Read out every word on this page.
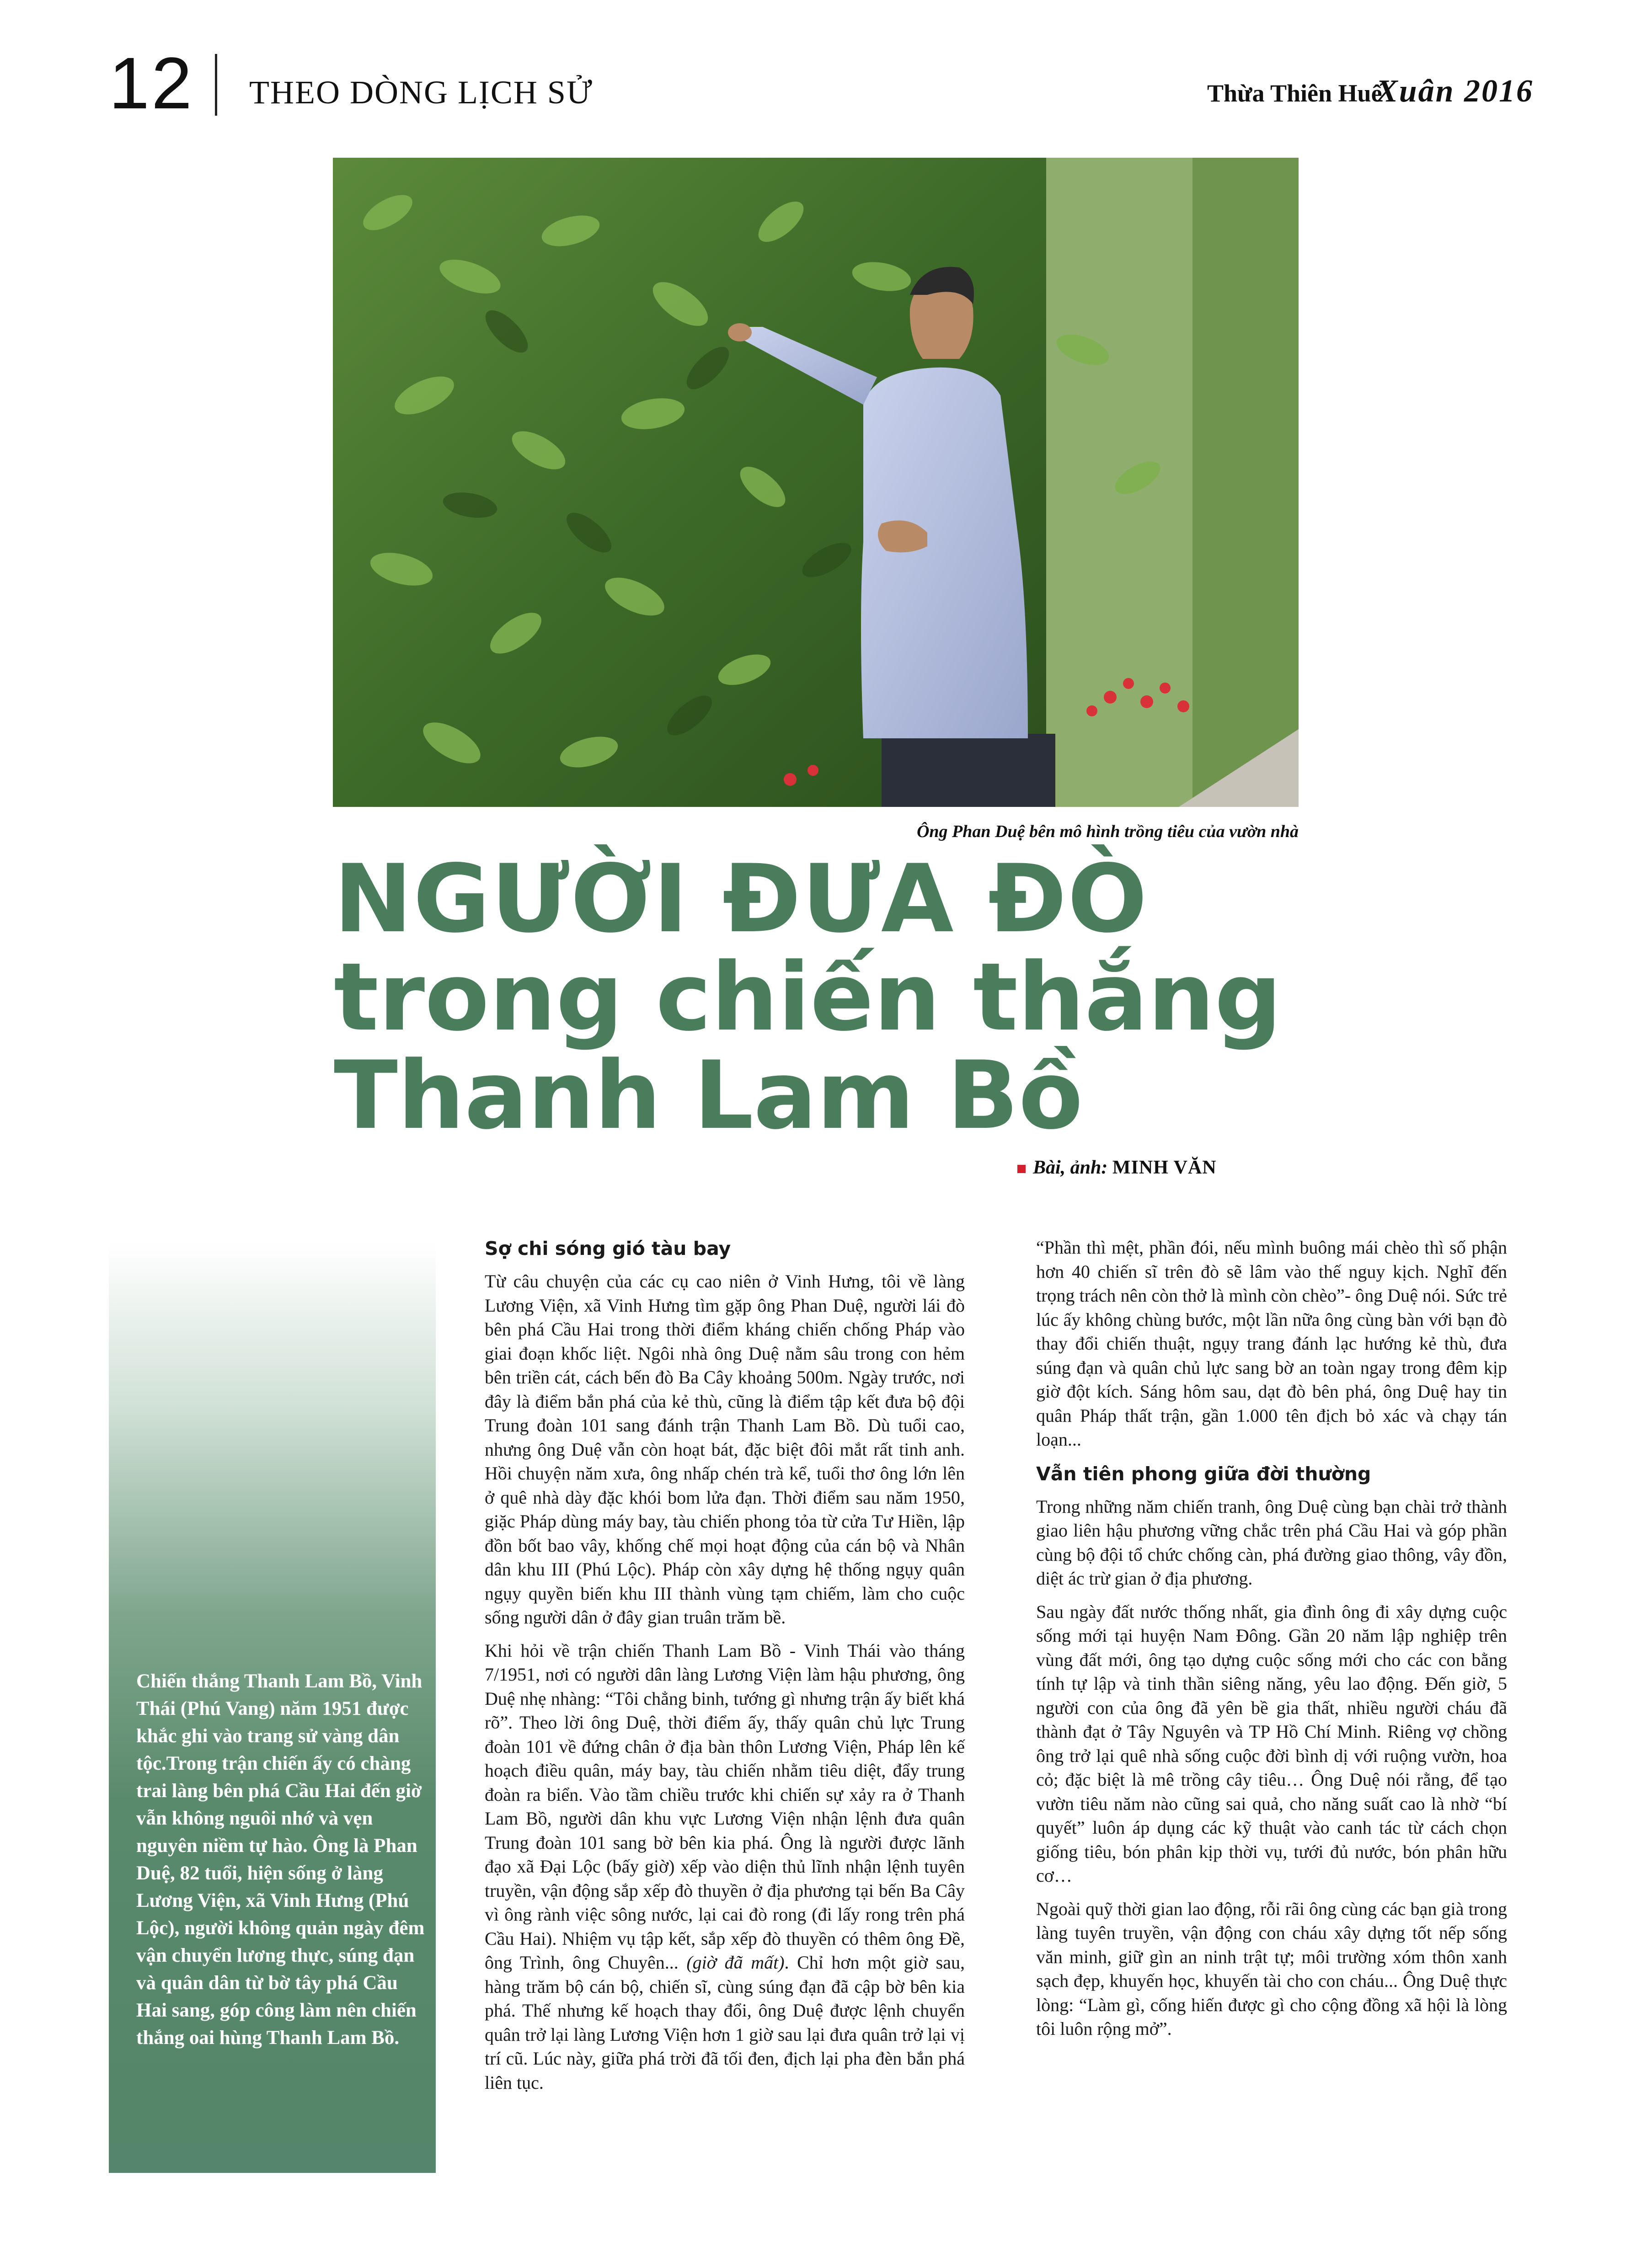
12 THEO DÒNG LỊCH SỬ	Thừa Thiên Huế
Xuân 2016
Ông Phan Duệ bên mô hình trồng tiêu của vườn nhà
NGƯỜI ĐƯA ĐÒ
trong chiến thắng
Thanh Lam Bồ
Bài, ảnh: MINH VĂN
Chiến thắng Thanh Lam Bồ, Vinh Thái (Phú Vang) năm 1951 được khắc ghi vào trang sử vàng dân tộc.Trong trận chiến ấy có chàng trai làng bên phá Cầu Hai đến giờ vẫn không nguôi nhớ và vẹn nguyên niềm tự hào. Ông là Phan Duệ, 82 tuổi, hiện sống ở làng Lương Viện, xã Vinh Hưng (Phú Lộc), người không quản ngày đêm vận chuyển lương thực, súng đạn và quân dân từ bờ tây phá Cầu Hai sang, góp công làm nên chiến thắng oai hùng Thanh Lam Bồ.
Sợ chi sóng gió tàu bay

Từ câu chuyện của các cụ cao niên ở Vinh Hưng, tôi về làng Lương Viện, xã Vinh Hưng tìm gặp ông Phan Duệ, người lái đò bên phá Cầu Hai trong thời điểm kháng chiến chống Pháp vào giai đoạn khốc liệt. Ngôi nhà ông Duệ nằm sâu trong con hẻm bên triền cát, cách bến đò Ba Cây khoảng 500m. Ngày trước, nơi đây là điểm bắn phá của kẻ thù, cũng là điểm tập kết đưa bộ đội Trung đoàn 101 sang đánh trận Thanh Lam Bồ. Dù tuổi cao, nhưng ông Duệ vẫn còn hoạt bát, đặc biệt đôi mắt rất tinh anh. Hồi chuyện năm xưa, ông nhấp chén trà kể, tuổi thơ ông lớn lên ở quê nhà dày đặc khói bom lửa đạn. Thời điểm sau năm 1950, giặc Pháp dùng máy bay, tàu chiến phong tỏa từ cửa Tư Hiền, lập đồn bốt bao vây, khống chế mọi hoạt động của cán bộ và Nhân dân khu III (Phú Lộc). Pháp còn xây dựng hệ thống ngụy quân ngụy quyền biến khu III thành vùng tạm chiếm, làm cho cuộc sống người dân ở đây gian truân trăm bề.

Khi hỏi về trận chiến Thanh Lam Bồ - Vinh Thái vào tháng 7/1951, nơi có người dân làng Lương Viện làm hậu phương, ông Duệ nhẹ nhàng: “Tôi chẳng binh, tướng gì nhưng trận ấy biết khá rõ”. Theo lời ông Duệ, thời điểm ấy, thấy quân chủ lực Trung đoàn 101 về đứng chân ở địa bàn thôn Lương Viện, Pháp lên kế hoạch điều quân, máy bay, tàu chiến nhằm tiêu diệt, đẩy trung đoàn ra biển. Vào tầm chiều trước khi chiến sự xảy ra ở Thanh Lam Bồ, người dân khu vực Lương Viện nhận lệnh đưa quân Trung đoàn 101 sang bờ bên kia phá. Ông là người được lãnh đạo xã Đại Lộc (bấy giờ) xếp vào diện thủ lĩnh nhận lệnh tuyên truyền, vận động sắp xếp đò thuyền ở địa phương tại bến Ba Cây vì ông rành việc sông nước, lại cai đò rong (đi lấy rong trên phá Cầu Hai). Nhiệm vụ tập kết, sắp xếp đò thuyền có thêm ông Đề, ông Trình, ông Chuyên... (giờ đã mất). Chỉ hơn một giờ sau, hàng trăm bộ cán bộ, chiến sĩ, cùng súng đạn đã cập bờ bên kia phá. Thế nhưng kế hoạch thay đổi, ông Duệ được lệnh chuyển quân trở lại làng Lương Viện hơn 1 giờ sau lại đưa quân trở lại vị trí cũ. Lúc này, giữa phá trời đã tối đen, địch lại pha đèn bắn phá liên tục.

“Phần thì mệt, phần đói, nếu mình buông mái chèo thì số phận hơn 40 chiến sĩ trên đò sẽ lâm vào thế nguy kịch. Nghĩ đến trọng trách nên còn thở là mình còn chèo”- ông Duệ nói. Sức trẻ lúc ấy không chùng bước, một lần nữa ông cùng bàn với bạn đò thay đổi chiến thuật, ngụy trang đánh lạc hướng kẻ thù, đưa súng đạn và quân chủ lực sang bờ an toàn ngay trong đêm kịp giờ đột kích. Sáng hôm sau, dạt đò bên phá, ông Duệ hay tin quân Pháp thất trận, gần 1.000 tên địch bỏ xác và chạy tán loạn...

Vẫn tiên phong giữa đời thường

Trong những năm chiến tranh, ông Duệ cùng bạn chài trở thành giao liên hậu phương vững chắc trên phá Cầu Hai và góp phần cùng bộ đội tổ chức chống càn, phá đường giao thông, vây đồn, diệt ác trừ gian ở địa phương.

Sau ngày đất nước thống nhất, gia đình ông đi xây dựng cuộc sống mới tại huyện Nam Đông. Gần 20 năm lập nghiệp trên vùng đất mới, ông tạo dựng cuộc sống mới cho các con bằng tính tự lập và tinh thần siêng năng, yêu lao động. Đến giờ, 5 người con của ông đã yên bề gia thất, nhiều người cháu đã thành đạt ở Tây Nguyên và TP Hồ Chí Minh. Riêng vợ chồng ông trở lại quê nhà sống cuộc đời bình dị với ruộng vườn, hoa cỏ; đặc biệt là mê trồng cây tiêu… Ông Duệ nói rằng, để tạo vườn tiêu năm nào cũng sai quả, cho năng suất cao là nhờ “bí quyết” luôn áp dụng các kỹ thuật vào canh tác từ cách chọn giống tiêu, bón phân kịp thời vụ, tưới đủ nước, bón phân hữu cơ…

Ngoài quỹ thời gian lao động, rỗi rãi ông cùng các bạn già trong làng tuyên truyền, vận động con cháu xây dựng tốt nếp sống văn minh, giữ gìn an ninh trật tự; môi trường xóm thôn xanh sạch đẹp, khuyến học, khuyến tài cho con cháu... Ông Duệ thực lòng: “Làm gì, cống hiến được gì cho cộng đồng xã hội là lòng tôi luôn rộng mở”.
